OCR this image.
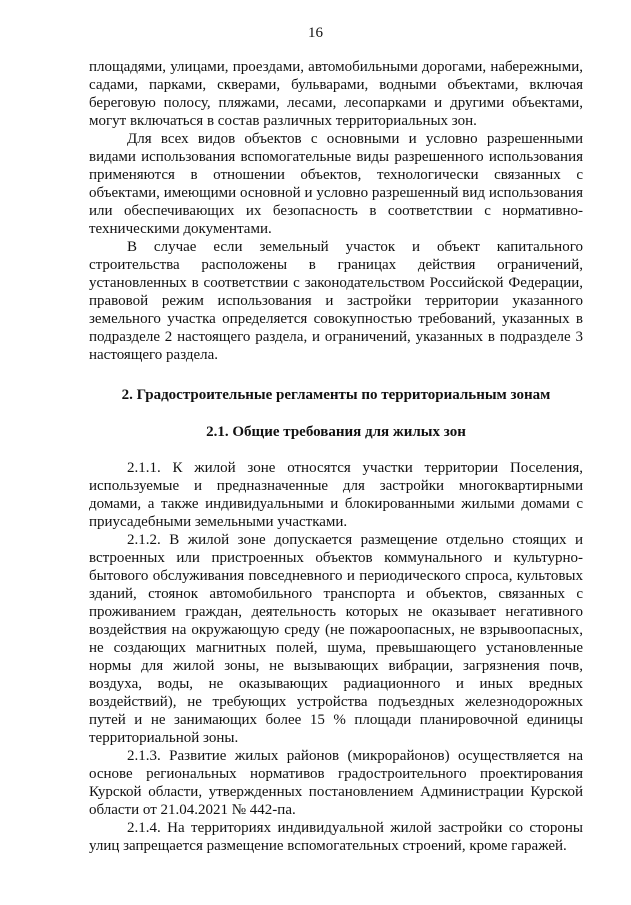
16

площадями, улицами, проездами, автомобильными дорогами, набережными, садами, парками, скверами, бульварами, водными объектами, включая береговую полосу, пляжами, лесами, лесопарками и другими объектами, могут включаться в состав различных территориальных зон.

Для всех видов объектов с основными и условно разрешенными видами использования вспомогательные виды разрешенного использования применяются в отношении объектов, технологически связанных с объектами, имеющими основной и условно разрешенный вид использования или обеспечивающих их безопасность в соответствии с нормативно-техническими документами.

В случае если земельный участок и объект капитального строительства расположены в границах действия ограничений, установленных в соответствии с законодательством Российской Федерации, правовой режим использования и застройки территории указанного земельного участка определяется совокупностью требований, указанных в подразделе 2 настоящего раздела, и ограничений, указанных в подразделе 3 настоящего раздела.

2. Градостроительные регламенты по территориальным зонам
2.1. Общие требования для жилых зон

2.1.1. К жилой зоне относятся участки территории Поселения, используемые и предназначенные для застройки многоквартирными домами, а также индивидуальными и блокированными жилыми домами с приусадебными земельными участками.

2.1.2. В жилой зоне допускается размещение отдельно стоящих и встроенных или пристроенных объектов коммунального и культурно-бытового обслуживания повседневного и периодического спроса, культовых зданий, стоянок автомобильного транспорта и объектов, связанных с проживанием граждан, деятельность которых не оказывает негативного воздействия на окружающую среду (не пожароопасных, не взрывоопасных, не создающих магнитных полей, шума, превышающего установленные нормы для жилой зоны, не вызывающих вибрации, загрязнения почв, воздуха, воды, не оказывающих радиационного и иных вредных воздействий), не требующих устройства подъездных железнодорожных путей и не занимающих более 15 % площади планировочной единицы территориальной зоны.

2.1.3. Развитие жилых районов (микрорайонов) осуществляется на основе региональных нормативов градостроительного проектирования Курской области, утвержденных постановлением Администрации Курской области от 21.04.2021 № 442-па.

2.1.4. На территориях индивидуальной жилой застройки со стороны улиц запрещается размещение вспомогательных строений, кроме гаражей.
